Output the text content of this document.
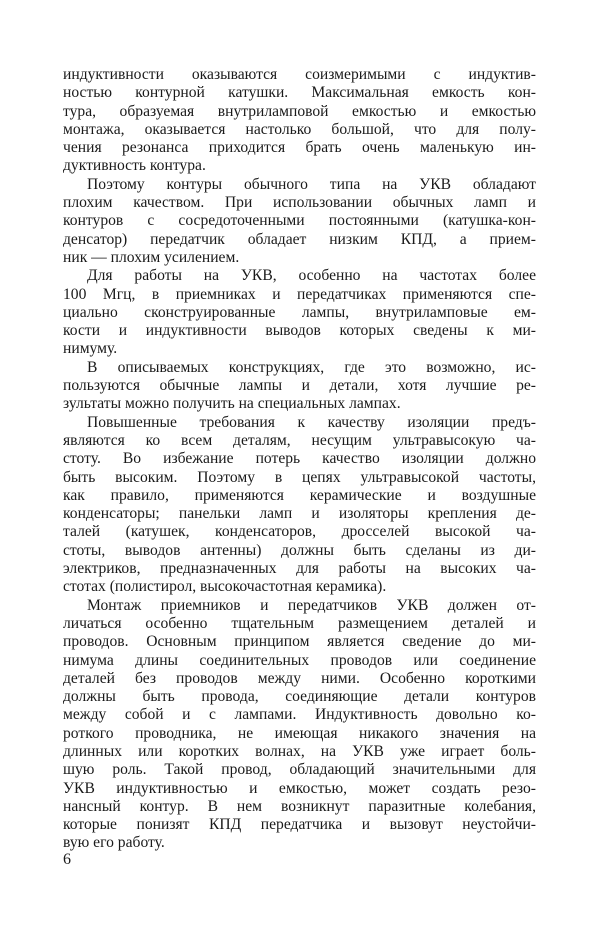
индуктивности оказываются соизмеримыми с индуктив-
ностью контурной катушки. Максимальная емкость кон-
тура, образуемая внутриламповой емкостью и емкостью
монтажа, оказывается настолько большой, что для полу-
чения резонанса приходится брать очень маленькую ин-
дуктивность контура.
Поэтому контуры обычного типа на УКВ обладают
плохим качеством. При использовании обычных ламп и
контуров с сосредоточенными постоянными (катушка-кон-
денсатор) передатчик обладает низким КПД, а прием-
ник — плохим усилением.
Для работы на УКВ, особенно на частотах более
100 Мгц, в приемниках и передатчиках применяются спе-
циально сконструированные лампы, внутриламповые ем-
кости и индуктивности выводов которых сведены к ми-
нимуму.
В описываемых конструкциях, где это возможно, ис-
пользуются обычные лампы и детали, хотя лучшие ре-
зультаты можно получить на специальных лампах.
Повышенные требования к качеству изоляции предъ-
являются ко всем деталям, несущим ультравысокую ча-
стоту. Во избежание потерь качество изоляции должно
быть высоким. Поэтому в цепях ультравысокой частоты,
как правило, применяются керамические и воздушные
конденсаторы; панельки ламп и изоляторы крепления де-
талей (катушек, конденсаторов, дросселей высокой ча-
стоты, выводов антенны) должны быть сделаны из ди-
электриков, предназначенных для работы на высоких ча-
стотах (полистирол, высокочастотная керамика).
Монтаж приемников и передатчиков УКВ должен от-
личаться особенно тщательным размещением деталей и
проводов. Основным принципом является сведение до ми-
нимума длины соединительных проводов или соединение
деталей без проводов между ними. Особенно короткими
должны быть провода, соединяющие детали контуров
между собой и с лампами. Индуктивность довольно ко-
роткого проводника, не имеющая никакого значения на
длинных или коротких волнах, на УКВ уже играет боль-
шую роль. Такой провод, обладающий значительными для
УКВ индуктивностью и емкостью, может создать резо-
нансный контур. В нем возникнут паразитные колебания,
которые понизят КПД передатчика и вызовут неустойчи-
вую его работу.
6
